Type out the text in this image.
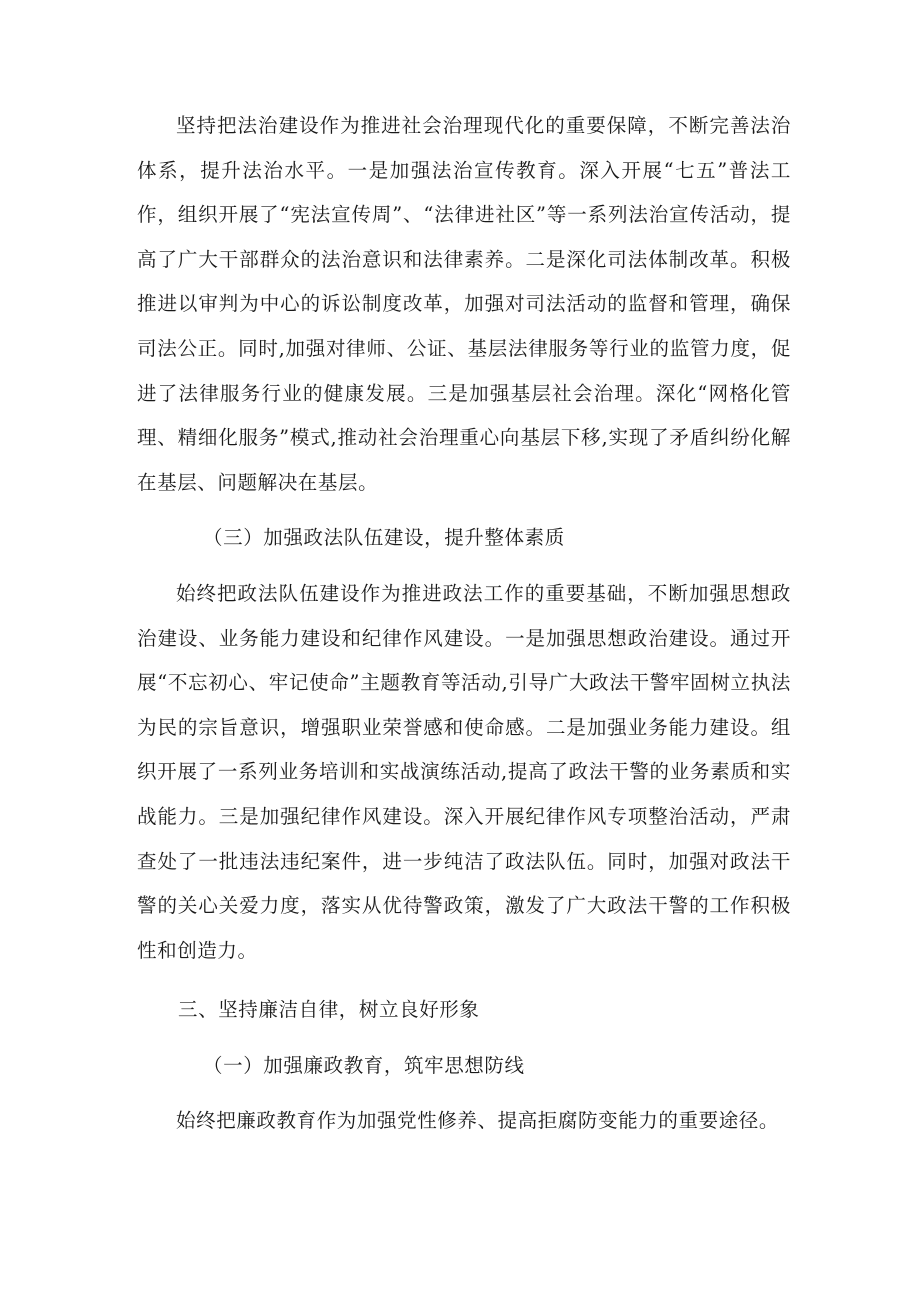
坚持把法治建设作为推进社会治理现代化的重要保障，不断完善法治体系，提升法治水平。一是加强法治宣传教育。深入开展“七五”普法工作，组织开展了“宪法宣传周”、“法律进社区”等一系列法治宣传活动，提高了广大干部群众的法治意识和法律素养。二是深化司法体制改革。积极推进以审判为中心的诉讼制度改革，加强对司法活动的监督和管理，确保司法公正。同时,加强对律师、公证、基层法律服务等行业的监管力度，促进了法律服务行业的健康发展。三是加强基层社会治理。深化“网格化管理、精细化服务”模式,推动社会治理重心向基层下移,实现了矛盾纠纷化解在基层、问题解决在基层。

（三）加强政法队伍建设，提升整体素质

始终把政法队伍建设作为推进政法工作的重要基础，不断加强思想政治建设、业务能力建设和纪律作风建设。一是加强思想政治建设。通过开展“不忘初心、牢记使命”主题教育等活动,引导广大政法干警牢固树立执法为民的宗旨意识，增强职业荣誉感和使命感。二是加强业务能力建设。组织开展了一系列业务培训和实战演练活动,提高了政法干警的业务素质和实战能力。三是加强纪律作风建设。深入开展纪律作风专项整治活动，严肃查处了一批违法违纪案件，进一步纯洁了政法队伍。同时，加强对政法干警的关心关爱力度，落实从优待警政策，激发了广大政法干警的工作积极性和创造力。

三、坚持廉洁自律，树立良好形象

（一）加强廉政教育，筑牢思想防线

始终把廉政教育作为加强党性修养、提高拒腐防变能力的重要途径。
